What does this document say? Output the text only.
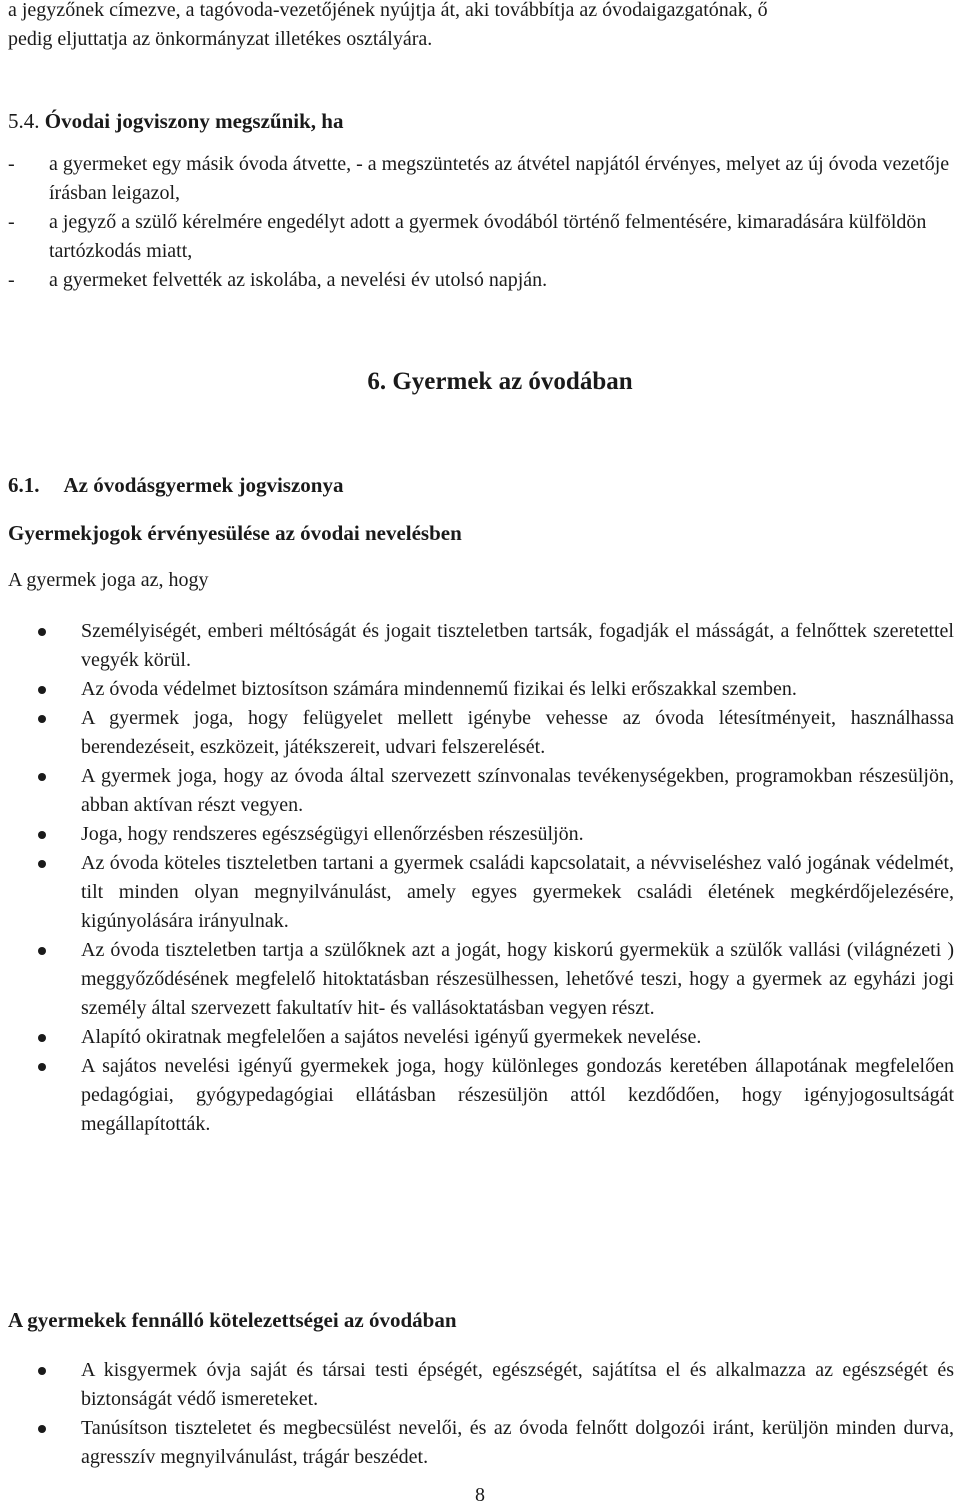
a jegyzőnek címezve, a tagóvoda-vezetőjének nyújtja át, aki továbbítja az óvodaigazgatónak, ő
pedig eljuttatja az önkormányzat illetékes osztályára.
5.4. Óvodai jogviszony megszűnik, ha
- a gyermeket egy másik óvoda átvette, - a megszüntetés az átvétel napjától érvényes, melyet az új óvoda vezetője írásban leigazol,
- a jegyző a szülő kérelmére engedélyt adott a gyermek óvodából történő felmentésére, kimaradására külföldön tartózkodás miatt,
- a gyermeket felvették az iskolába, a nevelési év utolsó napján.
6. Gyermek az óvodában
6.1. Az óvodásgyermek jogviszonya
Gyermekjogok érvényesülése az óvodai nevelésben
A gyermek joga az, hogy
Személyiségét, emberi méltóságát és jogait tiszteletben tartsák, fogadják el másságát, a felnőttek szeretettel vegyék körül.
Az óvoda védelmet biztosítson számára mindennemű fizikai és lelki erőszakkal szemben.
A gyermek joga, hogy felügyelet mellett igénybe vehesse az óvoda létesítményeit, használhassa berendezéseit, eszközeit, játékszereit, udvari felszerelését.
A gyermek joga, hogy az óvoda által szervezett színvonalas tevékenységekben, programokban részesüljön, abban aktívan részt vegyen.
Joga, hogy rendszeres egészségügyi ellenőrzésben részesüljön.
Az óvoda köteles tiszteletben tartani a gyermek családi kapcsolatait, a névviseléshez való jogának védelmét, tilt minden olyan megnyilvánulást, amely egyes gyermekek családi életének megkérdőjelezésére, kigúnyolására irányulnak.
Az óvoda tiszteletben tartja a szülőknek azt a jogát, hogy kiskorú gyermekük a szülők vallási (világnézeti ) meggyőződésének megfelelő hitoktatásban részesülhessen, lehetővé teszi, hogy a gyermek az egyházi jogi személy által szervezett fakultatív hit- és vallásoktatásban vegyen részt.
Alapító okiratnak megfelelően a sajátos nevelési igényű gyermekek nevelése.
A sajátos nevelési igényű gyermekek joga, hogy különleges gondozás keretében állapotának megfelelően pedagógiai, gyógypedagógiai ellátásban részesüljön attól kezdődően, hogy igényjogosultságát megállapították.
A gyermekek fennálló kötelezettségei az óvodában
A kisgyermek óvja saját és társai testi épségét, egészségét, sajátítsa el és alkalmazza az egészségét és biztonságát védő ismereteket.
Tanúsítson tiszteletet és megbecsülést nevelői, és az óvoda felnőtt dolgozói iránt, kerüljön minden durva, agresszív megnyilvánulást, trágár beszédet.
8
